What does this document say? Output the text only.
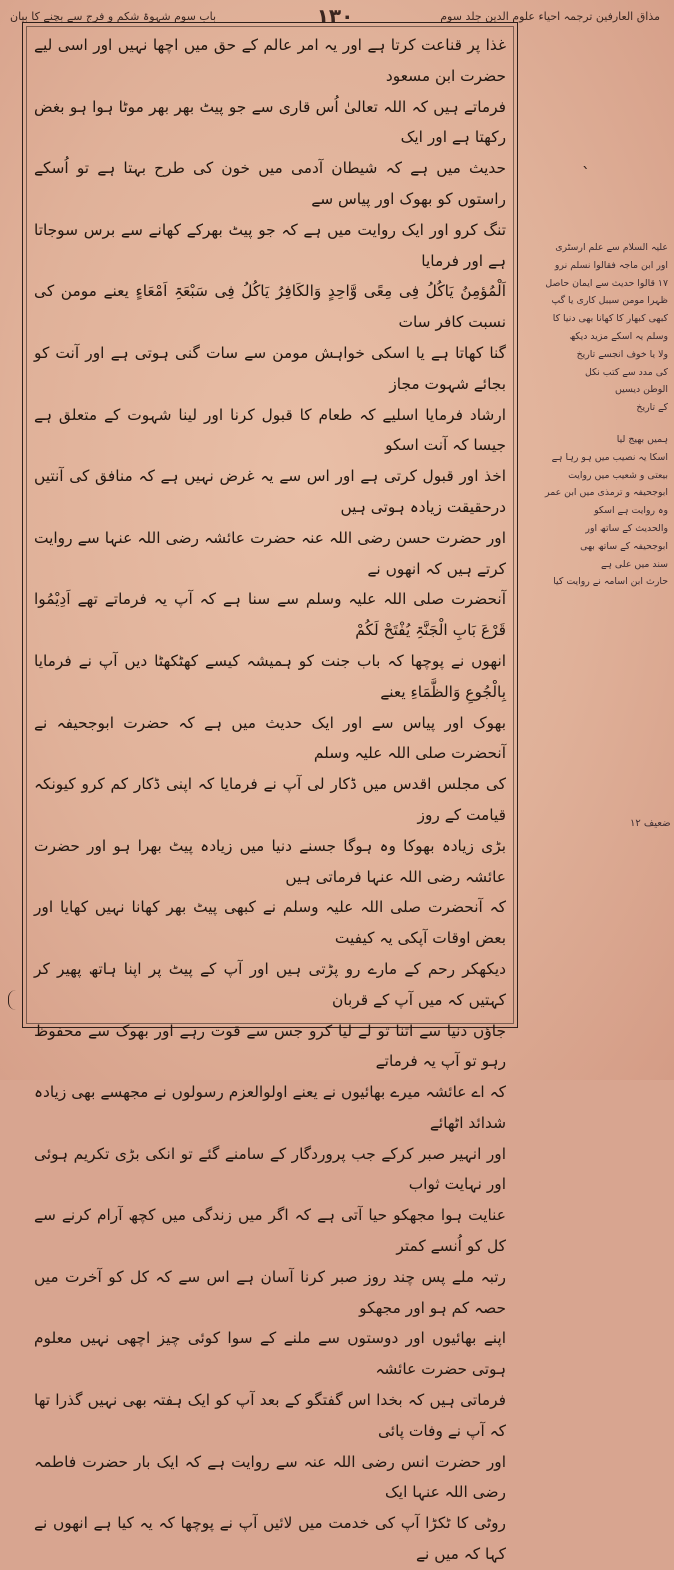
مذاق العارفین ترجمہ احیاء علوم الدین جلد سوم
۱۳۰
باب سوم شہوۃ شکم و فرج سے بچنے کا بیان

غذا پر قناعت کرتا ہے اور یہ امر عالم کے حق میں اچھا نہیں اور اسی لیے حضرت ابن مسعود

فرماتے ہیں کہ اللہ تعالیٰ اُس قاری سے جو پیٹ بھر بھر موٹا ہوا ہو بغض رکھتا ہے اور ایک

حدیث میں ہے کہ شیطان آدمی میں خون کی طرح بہتا ہے تو اُسکے راستوں کو بھوک اور پیاس سے

تنگ کرو اور ایک روایت میں ہے کہ جو پیٹ بھرکے کھانے سے برس سوجاتا ہے اور فرمایا

اَلْمُؤمِنُ یَاکُلُ فِی مِعًی وَّاحِدٍ وَالکَافِرُ یَاکُلُ فِی سَبْعَۃِ اَمْعَاءٍ یعنے مومن کی نسبت کافر سات

گنا کھاتا ہے یا اسکی خواہش مومن سے سات گنی ہوتی ہے اور آنت کو بجائے شہوت مجاز

ارشاد فرمایا اسلیے کہ طعام کا قبول کرنا اور لینا شہوت کے متعلق ہے جیسا کہ آنت اسکو

اخذ اور قبول کرتی ہے اور اس سے یہ غرض نہیں ہے کہ منافق کی آنتیں درحقیقت زیادہ ہوتی ہیں

اور حضرت حسن رضی اللہ عنہ حضرت عائشہ رضی اللہ عنہا سے روایت کرتے ہیں کہ انھوں نے

آنحضرت صلی اللہ علیہ وسلم سے سنا ہے کہ آپ یہ فرماتے تھے اَدِیْمُوا قَرْعَ بَابِ الْجَنَّۃِ یُفْتَحْ لَکُمْ

انھوں نے پوچھا کہ باب جنت کو ہمیشہ کیسے کھٹکھٹا دیں آپ نے فرمایا بِالْجُوعِ وَالظَّمَاءِ یعنے

بھوک اور پیاس سے اور ایک حدیث میں ہے کہ حضرت ابوجحیفہ نے آنحضرت صلی اللہ علیہ وسلم

کی مجلس اقدس میں ڈکار لی آپ نے فرمایا کہ اپنی ڈکار کم کرو کیونکہ قیامت کے روز

بڑی زیادہ بھوکا وہ ہوگا جسنے دنیا میں زیادہ پیٹ بھرا ہو اور حضرت عائشہ رضی اللہ عنہا فرماتی ہیں

کہ آنحضرت صلی اللہ علیہ وسلم نے کبھی پیٹ بھر کھانا نہیں کھایا اور بعض اوقات آپکی یہ کیفیت

دیکھکر رحم کے مارے رو پڑتی ہیں اور آپ کے پیٹ پر اپنا ہاتھ پھیر کر کہتیں کہ میں آپ کے قربان

جاؤں دنیا سے اتنا تو لے لیا کرو جس سے قوت رہے اور بھوک سے محفوظ رہو تو آپ یہ فرماتے

کہ اے عائشہ میرے بھائیوں نے یعنے اولوالعزم رسولوں نے مجھسے بھی زیادہ شدائد اٹھائے

اور انہیر صبر کرکے جب پروردگار کے سامنے گئے تو انکی بڑی تکریم ہوئی اور نہایت ثواب

عنایت ہوا مجھکو حیا آتی ہے کہ اگر میں زندگی میں کچھ آرام کرنے سے کل کو اُنسے کمتر

رتبہ ملے پس چند روز صبر کرنا آسان ہے اس سے کہ کل کو آخرت میں حصہ کم ہو اور مجھکو

اپنے بھائیوں اور دوستوں سے ملنے کے سوا کوئی چیز اچھی نہیں معلوم ہوتی حضرت عائشہ

فرماتی ہیں کہ بخدا اس گفتگو کے بعد آپ کو ایک ہفتہ بھی نہیں گذرا تھا کہ آپ نے وفات پائی

اور حضرت انس رضی اللہ عنہ سے روایت ہے کہ ایک بار حضرت فاطمہ رضی اللہ عنہا ایک

روٹی کا ٹکڑا آپ کی خدمت میں لائیں آپ نے پوچھا کہ یہ کیا ہے انھوں نے کہا کہ میں نے

ˎ

علیہ السلام سے علم ارسٹری

اور ابن ماجہ فقالوا نسلم نرو

۱۷ قالوا حدیث سے ایمان حاصل

ظہرا مومن سیبل کاری یا گپ

کبھی کبھار کا کھانا بھی دنیا کا

وسلم یہ اسکے مزید دیکھ

ولا یا خوف انجسے تاریخ

کی مدد سے کتب نکل

الوطن دیسیں

کے تاریخ

ہمیں بھیج لیا

اسکا یہ نصیب میں ہو رہا ہے

بیعتی و شعیب میں روایت

ابوجحیفہ و ترمذی میں ابن عمر

وہ روایت ہے اسکو

والحدیث کے ساتھ اور

ابوجحیفہ کے ساتھ بھی

سند میں علی ہے

حارث ابن اسامہ نے روایت کیا

ضعیف ۱۲
